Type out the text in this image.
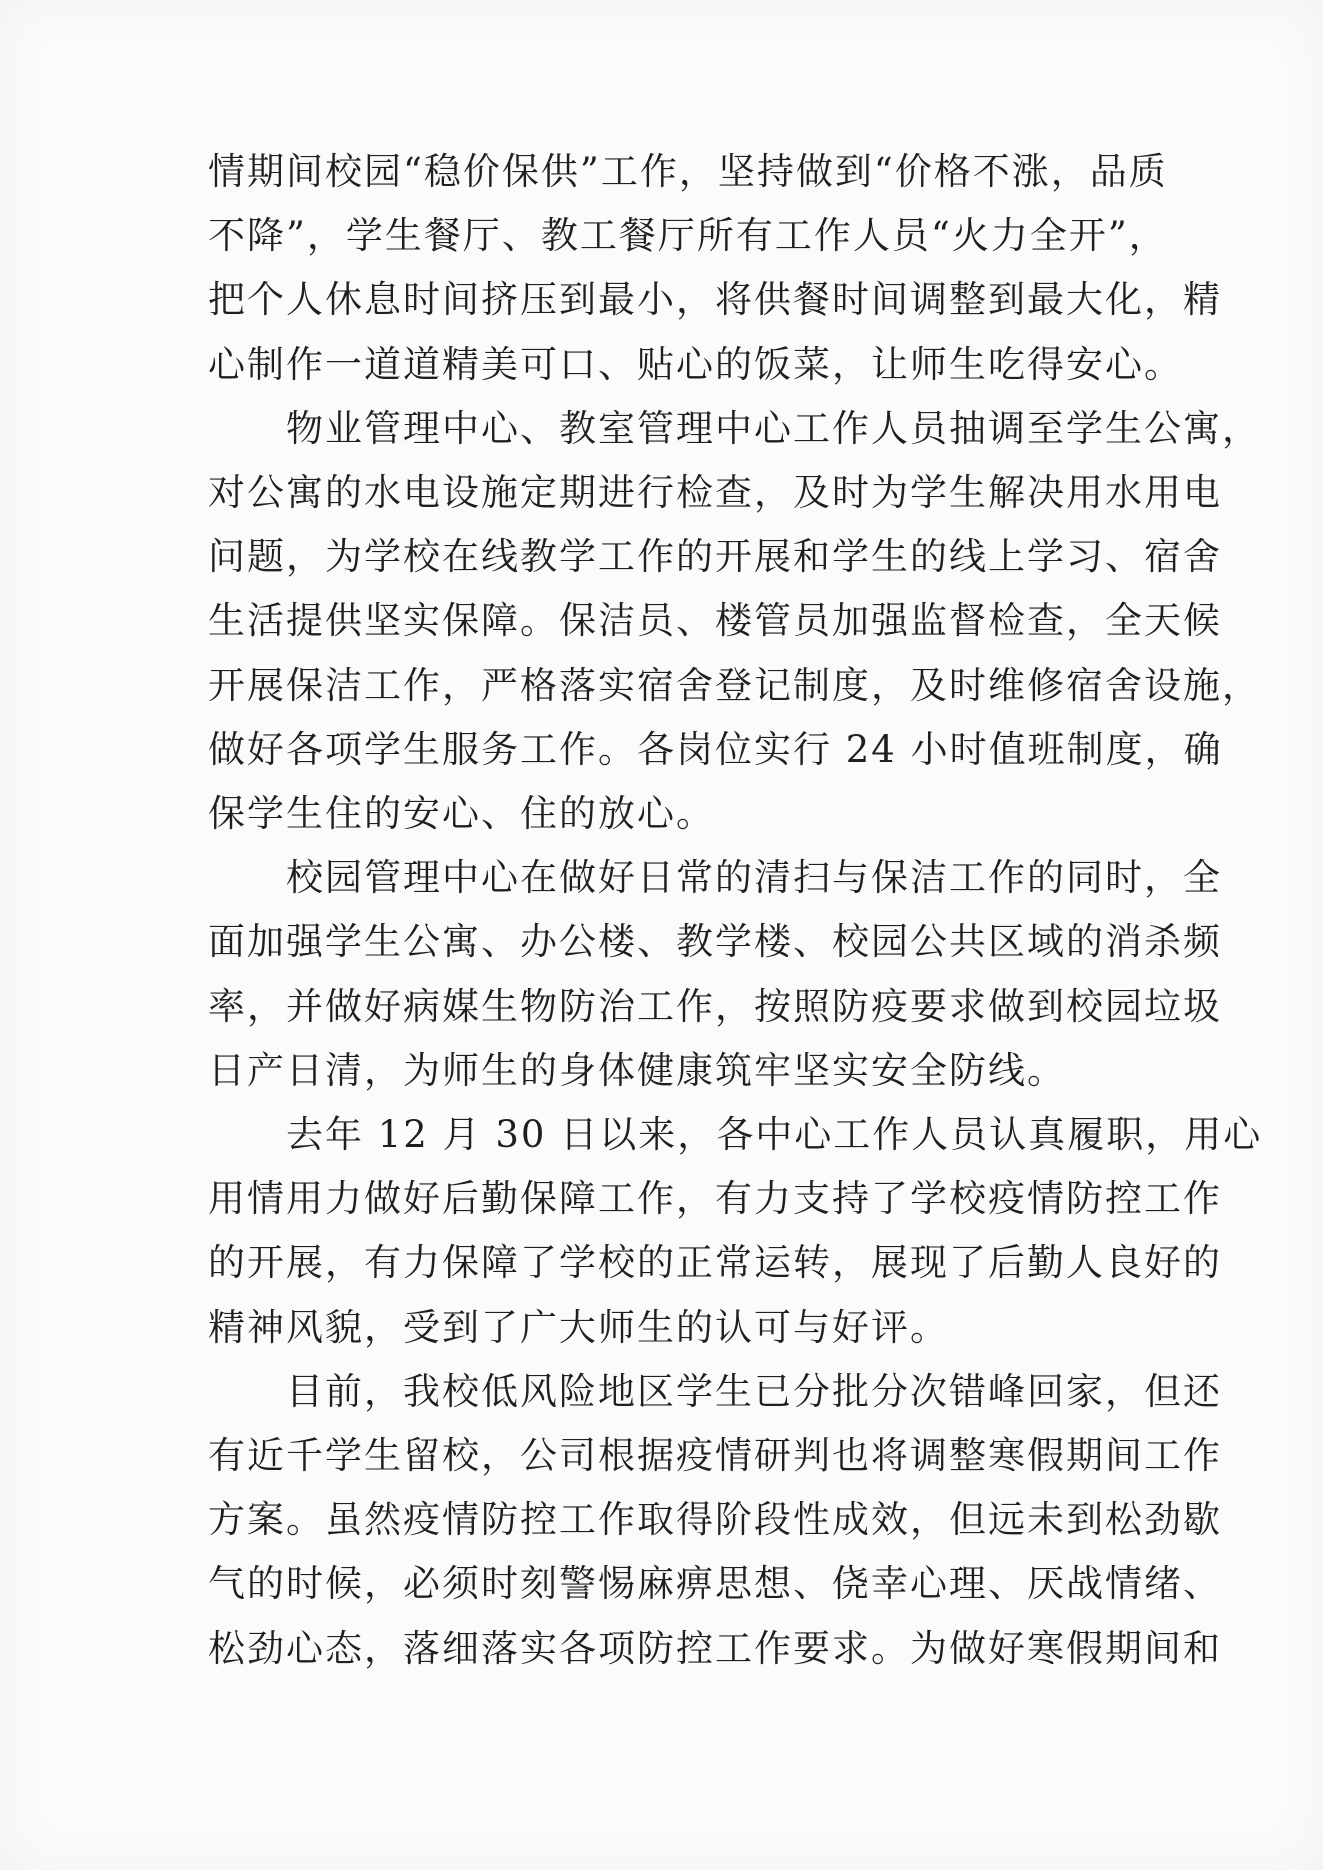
情期间校园“稳价保供”工作，坚持做到“价格不涨，品质
不降”，学生餐厅、教工餐厅所有工作人员“火力全开”，
把个人休息时间挤压到最小，将供餐时间调整到最大化，精
心制作一道道精美可口、贴心的饭菜，让师生吃得安心。
　　物业管理中心、教室管理中心工作人员抽调至学生公寓，
对公寓的水电设施定期进行检查，及时为学生解决用水用电
问题，为学校在线教学工作的开展和学生的线上学习、宿舍
生活提供坚实保障。保洁员、楼管员加强监督检查，全天候
开展保洁工作，严格落实宿舍登记制度，及时维修宿舍设施，
做好各项学生服务工作。各岗位实行 24 小时值班制度，确
保学生住的安心、住的放心。
　　校园管理中心在做好日常的清扫与保洁工作的同时，全
面加强学生公寓、办公楼、教学楼、校园公共区域的消杀频
率，并做好病媒生物防治工作，按照防疫要求做到校园垃圾
日产日清，为师生的身体健康筑牢坚实安全防线。
　　去年 12 月 30 日以来，各中心工作人员认真履职，用心
用情用力做好后勤保障工作，有力支持了学校疫情防控工作
的开展，有力保障了学校的正常运转，展现了后勤人良好的
精神风貌，受到了广大师生的认可与好评。
　　目前，我校低风险地区学生已分批分次错峰回家，但还
有近千学生留校，公司根据疫情研判也将调整寒假期间工作
方案。虽然疫情防控工作取得阶段性成效，但远未到松劲歇
气的时候，必须时刻警惕麻痹思想、侥幸心理、厌战情绪、
松劲心态，落细落实各项防控工作要求。为做好寒假期间和
